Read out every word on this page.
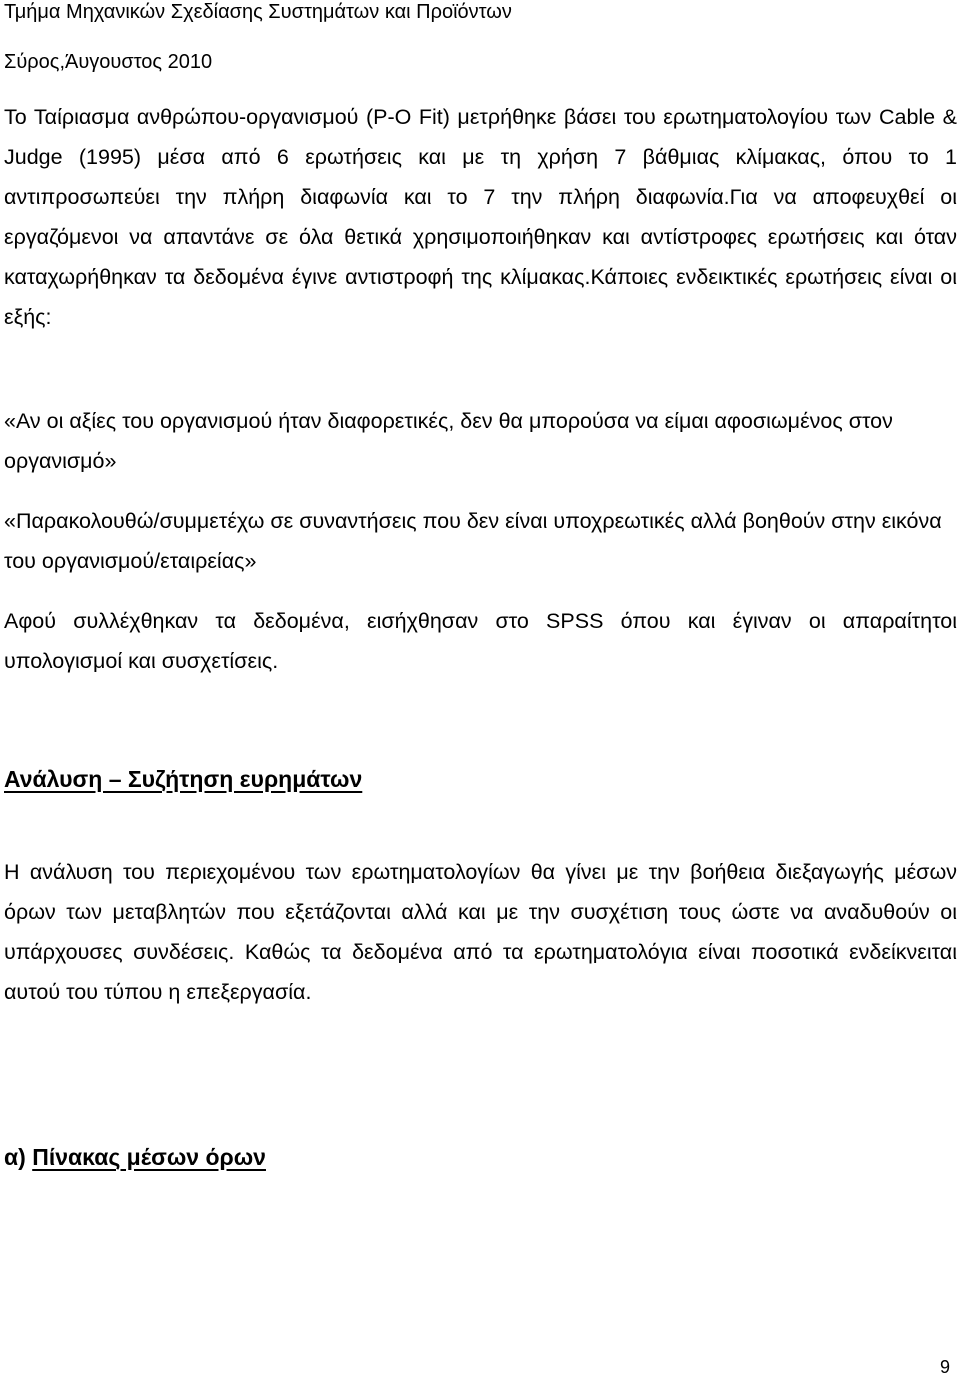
Τμήμα Μηχανικών Σχεδίασης Συστημάτων και Προϊόντων
Σύρος,Άυγουστος 2010

Το Ταίριασμα ανθρώπου-οργανισμού (P-O Fit) μετρήθηκε βάσει του ερωτηματολογίου των Cable & Judge (1995) μέσα από 6 ερωτήσεις και με τη χρήση 7 βάθμιας κλίμακας, όπου το 1 αντιπροσωπεύει την πλήρη διαφωνία και το 7 την πλήρη διαφωνία.Για να αποφευχθεί οι εργαζόμενοι να απαντάνε σε όλα θετικά χρησιμοποιήθηκαν και αντίστροφες ερωτήσεις και όταν καταχωρήθηκαν τα δεδομένα έγινε αντιστροφή της κλίμακας.Κάποιες ενδεικτικές ερωτήσεις είναι οι εξής:

«Αν οι αξίες του οργανισμού ήταν διαφορετικές, δεν θα μπορούσα να είμαι αφοσιωμένος στον οργανισμό»

«Παρακολουθώ/συμμετέχω σε συναντήσεις που δεν είναι υποχρεωτικές αλλά βοηθούν στην εικόνα του οργανισμού/εταιρείας»

Αφού συλλέχθηκαν τα δεδομένα, εισήχθησαν στο SPSS όπου και έγιναν οι απαραίτητοι υπολογισμοί και συσχετίσεις.

Ανάλυση – Συζήτηση ευρημάτων

Η ανάλυση του περιεχομένου των ερωτηματολογίων θα γίνει με την βοήθεια διεξαγωγής μέσων όρων των μεταβλητών που εξετάζονται αλλά και με την συσχέτιση τους ώστε να αναδυθούν οι υπάρχουσες συνδέσεις. Καθώς τα δεδομένα από τα ερωτηματολόγια είναι ποσοτικά ενδείκνειται αυτού του τύπου η επεξεργασία.

α) Πίνακας μέσων όρων
9
